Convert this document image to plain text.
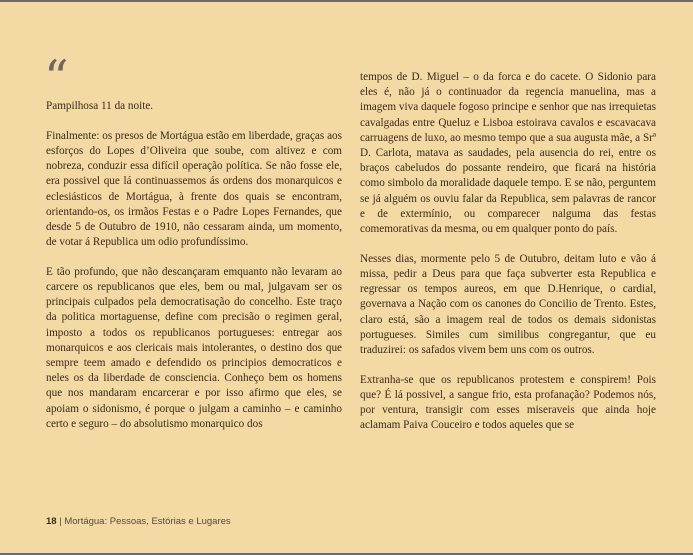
“

Pampilhosa 11 da noite.

Finalmente: os presos de Mortágua estão em liberdade, graças aos esforços do Lopes d’Oliveira que soube, com altivez e com nobreza, conduzir essa difícil operação política. Se não fosse ele, era possivel que lá continuassemos ás ordens dos monarquicos e eclesiásticos de Mortágua, à frente dos quais se encontram, orientando-os, os irmãos Festas e o Padre Lopes Fernandes, que desde 5 de Outubro de 1910, não cessaram ainda, um momento, de votar á Republica um odio profundíssimo.

E tão profundo, que não descançaram emquanto não levaram ao carcere os republicanos que eles, bem ou mal, julgavam ser os principais culpados pela democratisação do concelho. Este traço da politica mortaguense, define com precisão o regimen geral, imposto a todos os republicanos portugueses: entregar aos monarquicos e aos clericais mais intolerantes, o destino dos que sempre teem amado e defendido os principios democraticos e neles os da liberdade de consciencia. Conheço bem os homens que nos mandaram encarcerar e por isso afirmo que eles, se apoiam o sidonismo, é porque o julgam a caminho – e caminho certo e seguro – do absolutismo monarquico dos

tempos de D. Miguel – o da forca e do cacete. O Sidonio para eles é, não já o continuador da regencia manuelina, mas a imagem viva daquele fogoso principe e senhor que nas irrequietas cavalgadas entre Queluz e Lisboa estoirava cavalos e escavacava carruagens de luxo, ao mesmo tempo que a sua augusta mãe, a Srª D. Carlota, matava as saudades, pela ausencia do rei, entre os braços cabeludos do possante rendeiro, que ficará na história como simbolo da moralidade daquele tempo. E se não, perguntem se já alguém os ouviu falar da Republica, sem palavras de rancor e de extermínio, ou comparecer nalguma das festas comemorativas da mesma, ou em qualquer ponto do país.

Nesses dias, mormente pelo 5 de Outubro, deitam luto e vão á missa, pedir a Deus para que faça subverter esta Republica e regressar os tempos aureos, em que D.Henrique, o cardial, governava a Nação com os canones do Concilio de Trento. Estes, claro está, são a imagem real de todos os demais sidonistas portugueses. Similes cum similibus congregantur, que eu traduzirei: os safados vivem bem uns com os outros.

Extranha-se que os republicanos protestem e conspirem! Pois que? É lá possivel, a sangue frio, esta profanação? Podemos nós, por ventura, transigir com esses miseraveis que ainda hoje aclamam Paiva Couceiro e todos aqueles que se

18 | Mortágua: Pessoas, Estórias e Lugares
